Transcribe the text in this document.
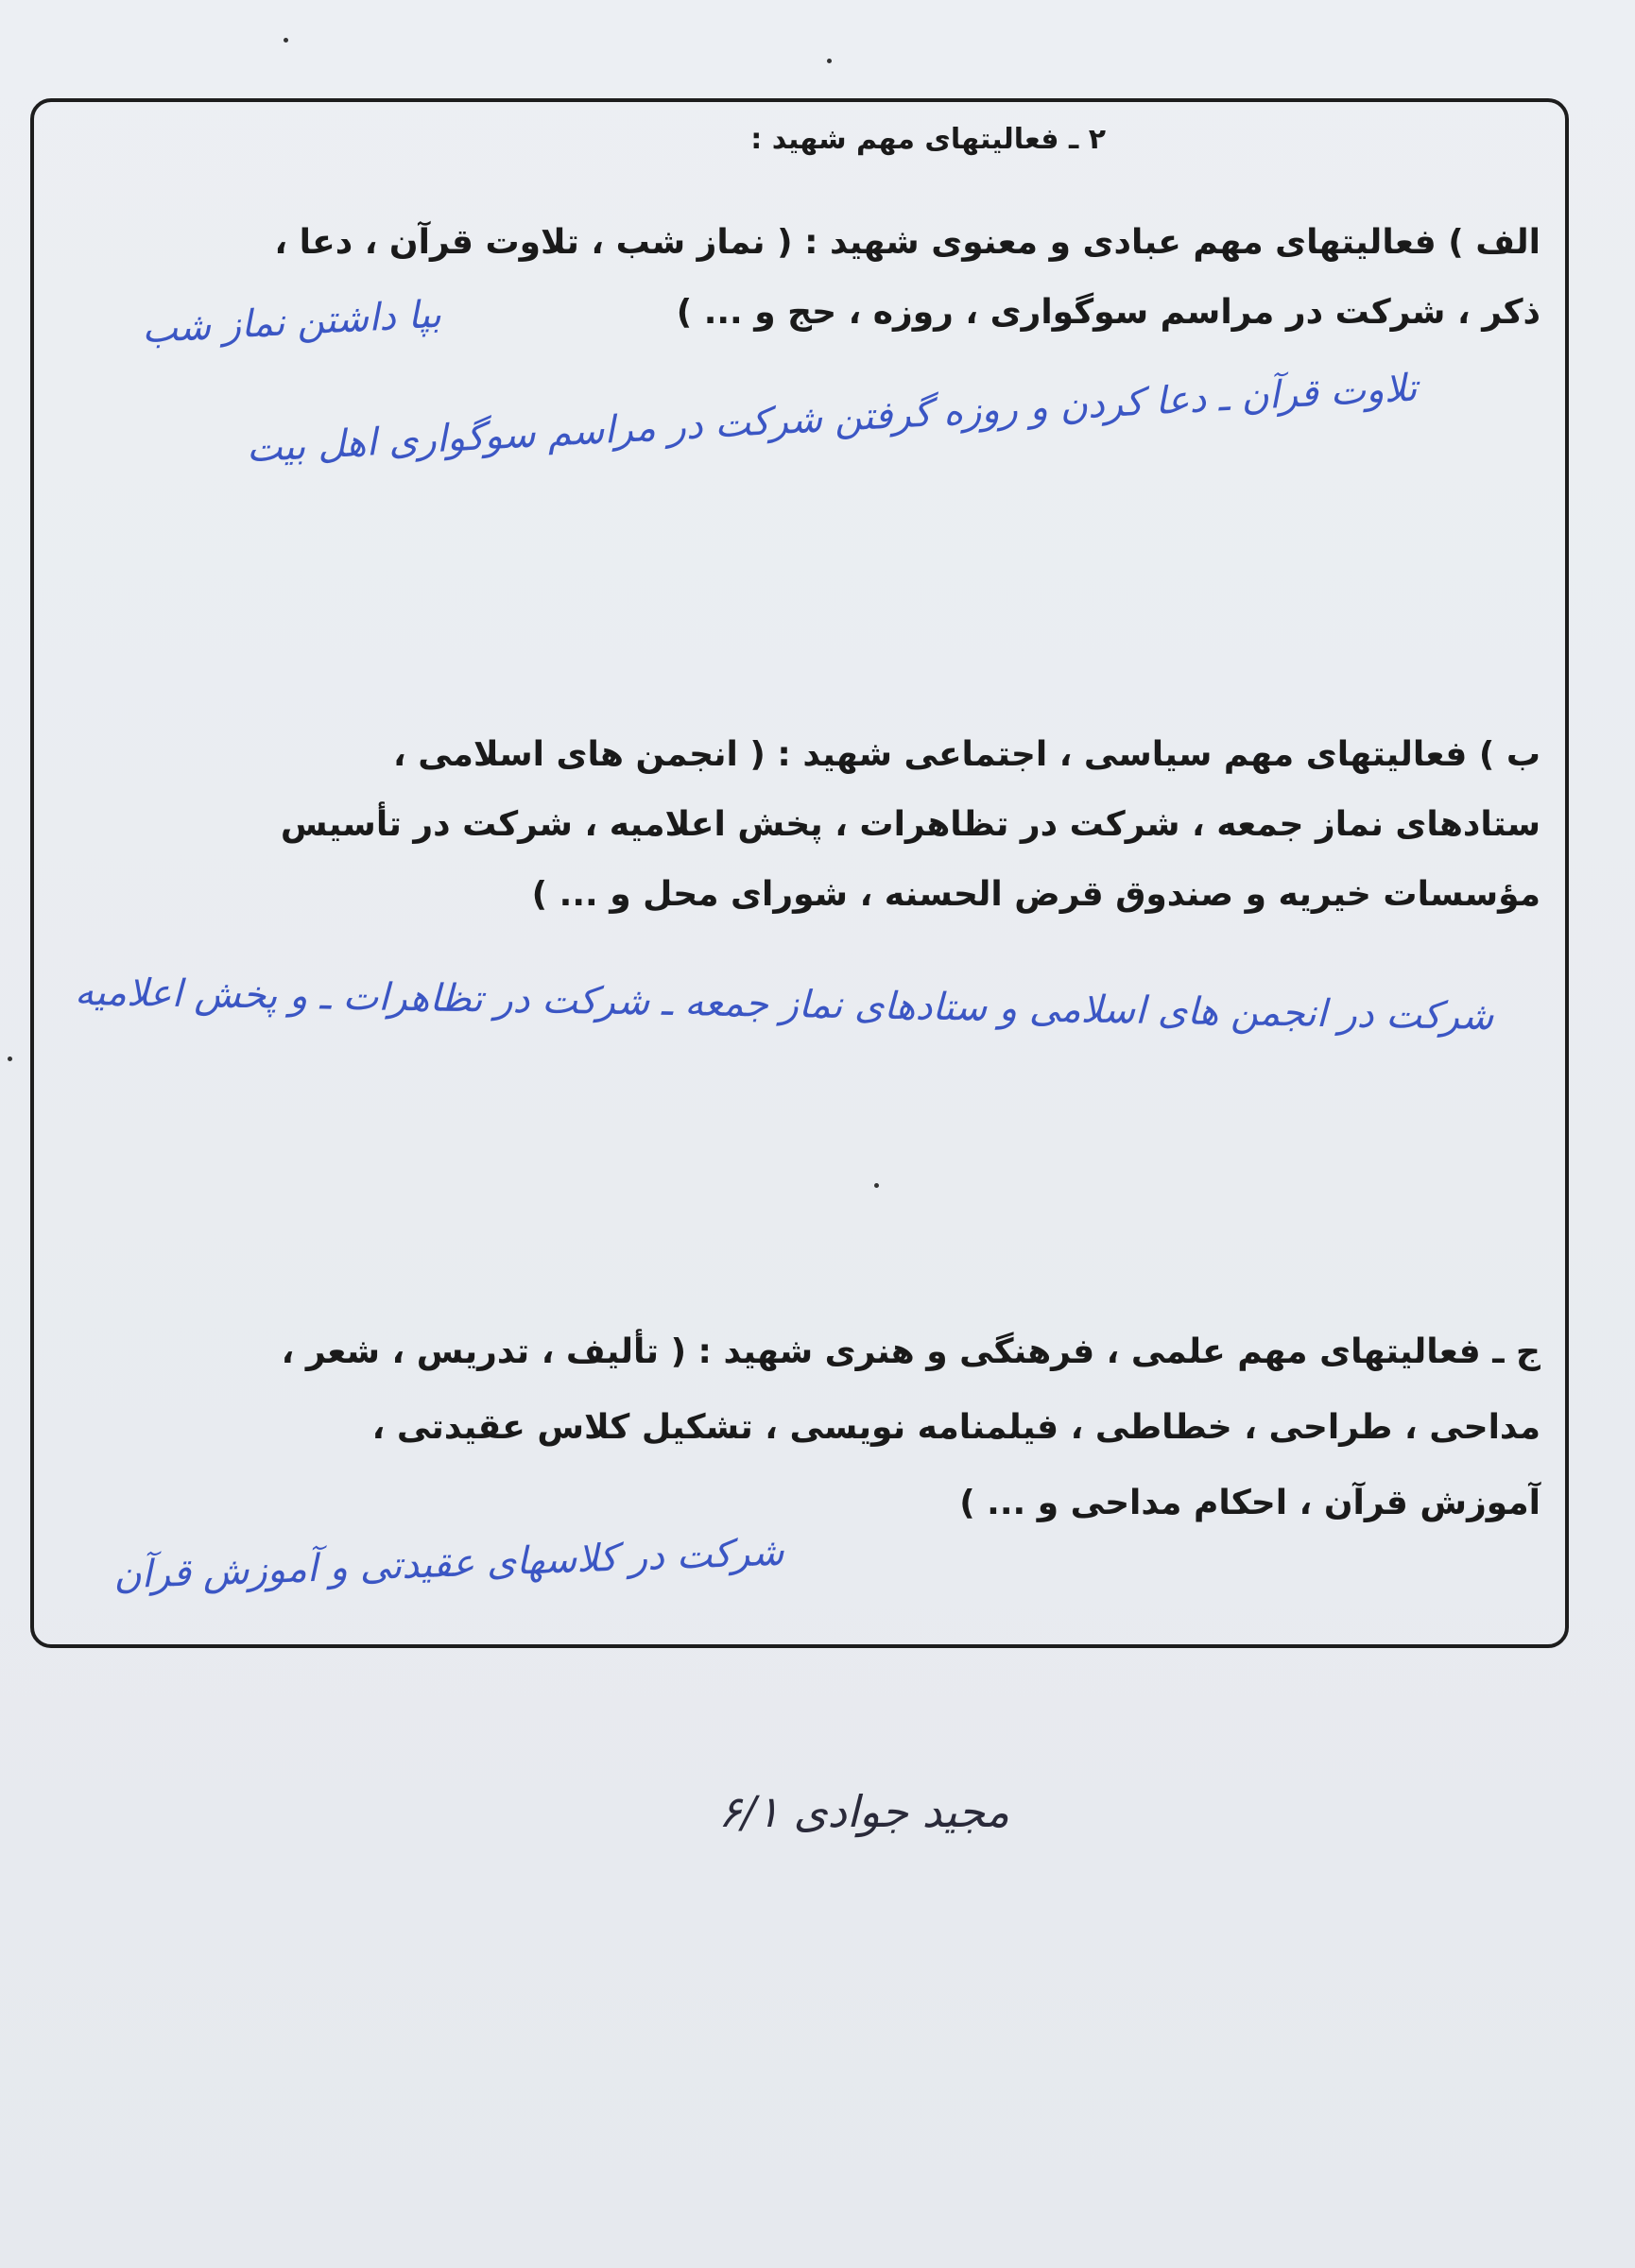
۲ ـ فعالیتهای مهم شهید :
الف ) فعالیتهای مهم عبادی و معنوی شهید : ( نماز شب ، تلاوت قرآن ، دعا ،
ذکر ، شرکت در مراسم سوگواری ، روزه ، حج و ... )
بپا داشتن نماز شب
تلاوت قرآن ـ دعا کردن و روزه گرفتن شرکت در مراسم سوگواری اهل بیت
ب ) فعالیتهای مهم سیاسی ، اجتماعی شهید : ( انجمن های اسلامی ،
ستادهای نماز جمعه ، شرکت در تظاهرات ، پخش اعلامیه ، شرکت در تأسیس
مؤسسات خیریه و صندوق قرض الحسنه ، شورای محل و ... )
شرکت در انجمن های اسلامی و ستادهای نماز جمعه ـ شرکت در تظاهرات ـ و پخش اعلامیه
ج ـ فعالیتهای مهم علمی ، فرهنگی و هنری شهید : ( تألیف ، تدریس ، شعر ،
مداحی ، طراحی ، خطاطی ، فیلمنامه نویسی ، تشکیل کلاس عقیدتی ،
آموزش قرآن ، احکام مداحی و ... )
شرکت در کلاسهای عقیدتی و آموزش قرآن
مجید جوادی ۶/۱
